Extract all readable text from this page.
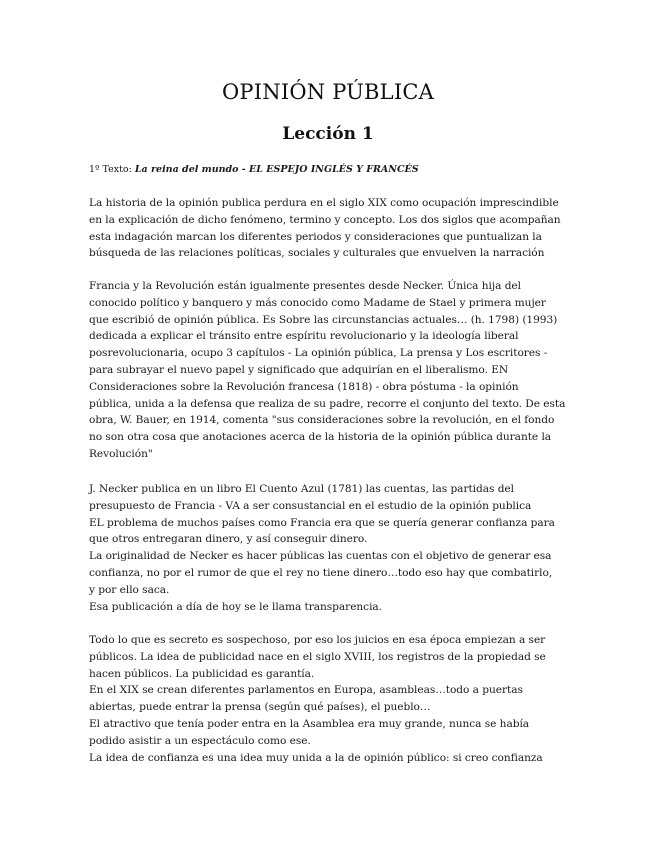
OPINIÓN PÚBLICA
Lección 1
1º Texto: La reina del mundo - EL ESPEJO INGLÉS Y FRANCÉS
La historia de la opinión publica perdura en el siglo XIX como ocupación imprescindible
en la explicación de dicho fenómeno, termino y concepto. Los dos siglos que acompañan
esta indagación marcan los diferentes periodos y consideraciones que puntualizan la
búsqueda de las relaciones políticas, sociales y culturales que envuelven la narración
Francia y la Revolución están igualmente presentes desde Necker. Única hija del
conocido político y banquero y más conocido como Madame de Stael y primera mujer
que escribió de opinión pública. Es Sobre las circunstancias actuales… (h. 1798) (1993)
dedicada a explicar el tránsito entre espíritu revolucionario y la ideología liberal
posrevolucionaria, ocupo 3 capítulos - La opinión pública, La prensa y Los escritores -
para subrayar el nuevo papel y significado que adquirían en el liberalismo. EN
Consideraciones sobre la Revolución francesa (1818) - obra póstuma - la opinión
pública, unida a la defensa que realiza de su padre, recorre el conjunto del texto. De esta
obra, W. Bauer, en 1914, comenta "sus consideraciones sobre la revolución, en el fondo
no son otra cosa que anotaciones acerca de la historia de la opinión pública durante la
Revolución"
J. Necker publica en un libro El Cuento Azul (1781) las cuentas, las partidas del
presupuesto de Francia - VA a ser consustancial en el estudio de la opinión publica
EL problema de muchos países como Francia era que se quería generar confianza para
que otros entregaran dinero, y así conseguir dinero.
La originalidad de Necker es hacer públicas las cuentas con el objetivo de generar esa
confianza, no por el rumor de que el rey no tiene dinero…todo eso hay que combatirlo,
y por ello saca.
Esa publicación a día de hoy se le llama transparencia.
Todo lo que es secreto es sospechoso, por eso los juicios en esa época empiezan a ser
públicos. La idea de publicidad nace en el siglo XVIII, los registros de la propiedad se
hacen públicos. La publicidad es garantía.
En el XIX se crean diferentes parlamentos en Europa, asambleas…todo a puertas
abiertas, puede entrar la prensa (según qué países), el pueblo…
El atractivo que tenía poder entra en la Asamblea era muy grande, nunca se había
podido asistir a un espectáculo como ese.
La idea de confianza es una idea muy unida a la de opinión público: si creo confianza
